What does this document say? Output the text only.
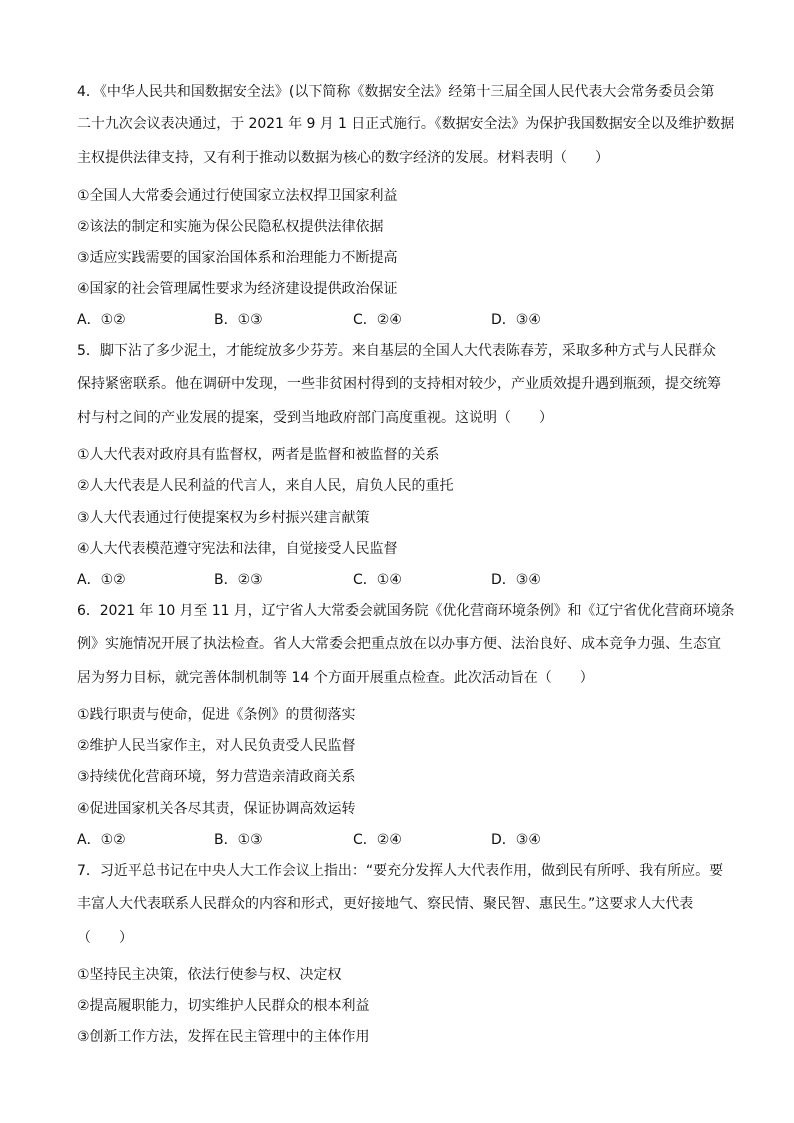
4．《中华人民共和国数据安全法》(以下简称《数据安全法》经第十三届全国人民代表大会常务委员会第
二十九次会议表决通过，于 2021 年 9 月 1 日正式施行。《数据安全法》为保护我国数据安全以及维护数据
主权提供法律支持，又有利于推动以数据为核心的数字经济的发展。材料表明（　　）
①全国人大常委会通过行使国家立法权捍卫国家利益
②该法的制定和实施为保公民隐私权提供法律依据
③适应实践需要的国家治国体系和治理能力不断提高
④国家的社会管理属性要求为经济建设提供政治保证
A．①②	B．①③	C．②④	D．③④
5．脚下沾了多少泥土，才能绽放多少芬芳。来自基层的全国人大代表陈春芳，采取多种方式与人民群众
保持紧密联系。他在调研中发现，一些非贫困村得到的支持相对较少，产业质效提升遇到瓶颈，提交统筹
村与村之间的产业发展的提案，受到当地政府部门高度重视。这说明（　　）
①人大代表对政府具有监督权，两者是监督和被监督的关系
②人大代表是人民利益的代言人，来自人民，肩负人民的重托
③人大代表通过行使提案权为乡村振兴建言献策
④人大代表模范遵守宪法和法律，自觉接受人民监督
A．①②	B．②③	C．①④	D．③④
6．2021 年 10 月至 11 月，辽宁省人大常委会就国务院《优化营商环境条例》和《辽宁省优化营商环境条
例》实施情况开展了执法检查。省人大常委会把重点放在以办事方便、法治良好、成本竞争力强、生态宜
居为努力目标，就完善体制机制等 14 个方面开展重点检查。此次活动旨在（　　）
①践行职责与使命，促进《条例》的贯彻落实
②维护人民当家作主，对人民负责受人民监督
③持续优化营商环境，努力营造亲清政商关系
④促进国家机关各尽其责，保证协调高效运转
A．①②	B．①③	C．②④	D．③④
7．习近平总书记在中央人大工作会议上指出：“要充分发挥人大代表作用，做到民有所呼、我有所应。要
丰富人大代表联系人民群众的内容和形式，更好接地气、察民情、聚民智、惠民生。”这要求人大代表
（　　）
①坚持民主决策，依法行使参与权、决定权
②提高履职能力，切实维护人民群众的根本利益
③创新工作方法，发挥在民主管理中的主体作用
